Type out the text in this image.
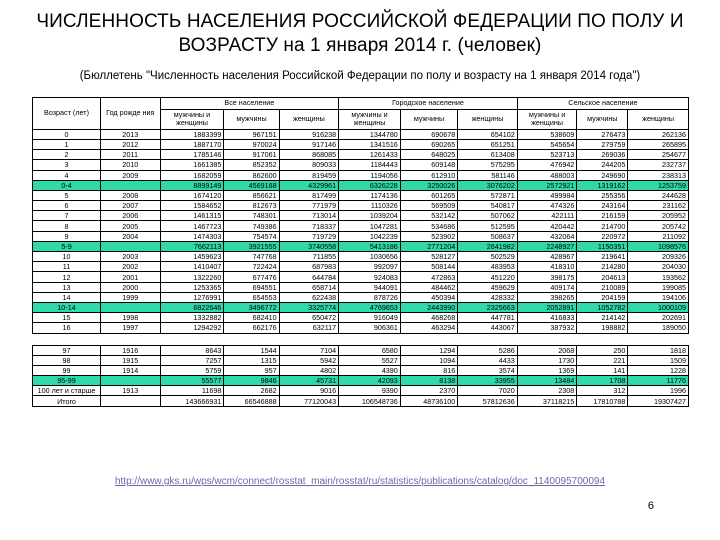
ЧИСЛЕННОСТЬ НАСЕЛЕНИЯ РОССИЙСКОЙ ФЕДЕРАЦИИ ПО ПОЛУ И
ВОЗРАСТУ на 1 января 2014 г. (человек)
(Бюллетень "Численность населения Российской Федерации по полу и возрасту на 1 января 2014 года")
Возраст (лет)	Год рожде ния	Все население			Городское население			Сельское население		
		мужчины и женщины	мужчины	женщины	мужчины и женщины	мужчины	женщины	мужчины и женщины	мужчины	женщины
0	2013	1883399	967151	916238	1344780	690678	654102	538609	276473	262136
1	2012	1887170	970024	917146	1341516	690265	651251	545654	279759	265895
2	2011	1785146	917061	868085	1261433	648025	613408	523713	269036	254677
3	2010	1661385	852352	809033	1184443	609148	575295	476942	244205	232737
4	2009	1682059	862600	819459	1194056	612910	581146	488003	249690	238313
0-4		8899149	4569188	4329961	6326228	3250026	3076202	2572921	1319162	1253759
5	2008	1674120	856621	817499	1174136	601265	572871	499984	255356	244628
6	2007	1584652	812673	771979	1110326	569509	540817	474326	243164	231162
7	2006	1461315	748301	713014	1039204	532142	507062	422111	216159	205952
8	2005	1467723	749386	718337	1047281	534686	512595	420442	214700	205742
9	2004	1474303	754574	719729	1042239	523902	508637	432064	220972	211092
5-9		7662113	3921555	3740558	5413186	2771204	2641982	2248927	1150351	1098576
10	2003	1459623	747768	711855	1030656	528127	502529	428967	219641	209326
11	2002	1410407	722424	687983	992097	508144	483953	418310	214280	204030
12	2001	1322260	677476	644784	924083	472863	451220	398175	204613	193562
13	2000	1253365	694551	658714	944091	484462	459629	409174	210089	199085
14	1999	1276991	654553	622438	878726	450394	428332	398265	204159	194106
10-14		6822646	3496772	3325774	4769653	2443990	2325663	2052891	1052782	1000109
15	1998	1332882	682410	650472	916049	468268	447781	416833	214142	202691
16	1997	1294292	662176	632117	906361	463294	443067	387932	198882	189050

97	1916	8643	1544	7104	6580	1294	5286	2068	250	1818
98	1915	7257	1315	5942	5527	1094	4433	1730	221	1509
99	1914	5759	957	4802	4390	816	3574	1369	141	1228
95-99		55577	9846	45731	42093	8138	33955	13484	1708	11776
100 лет и старше	1913	11698	2682	9016	9390	2370	7020	2308	312	1996
Итого		143666931	66546888	77120043	106548736	48736100	57812636	37118215	17810788	19307427
http://www.gks.ru/wps/wcm/connect/rosstat_main/rosstat/ru/statistics/publications/catalog/doc_1140095700094
6
